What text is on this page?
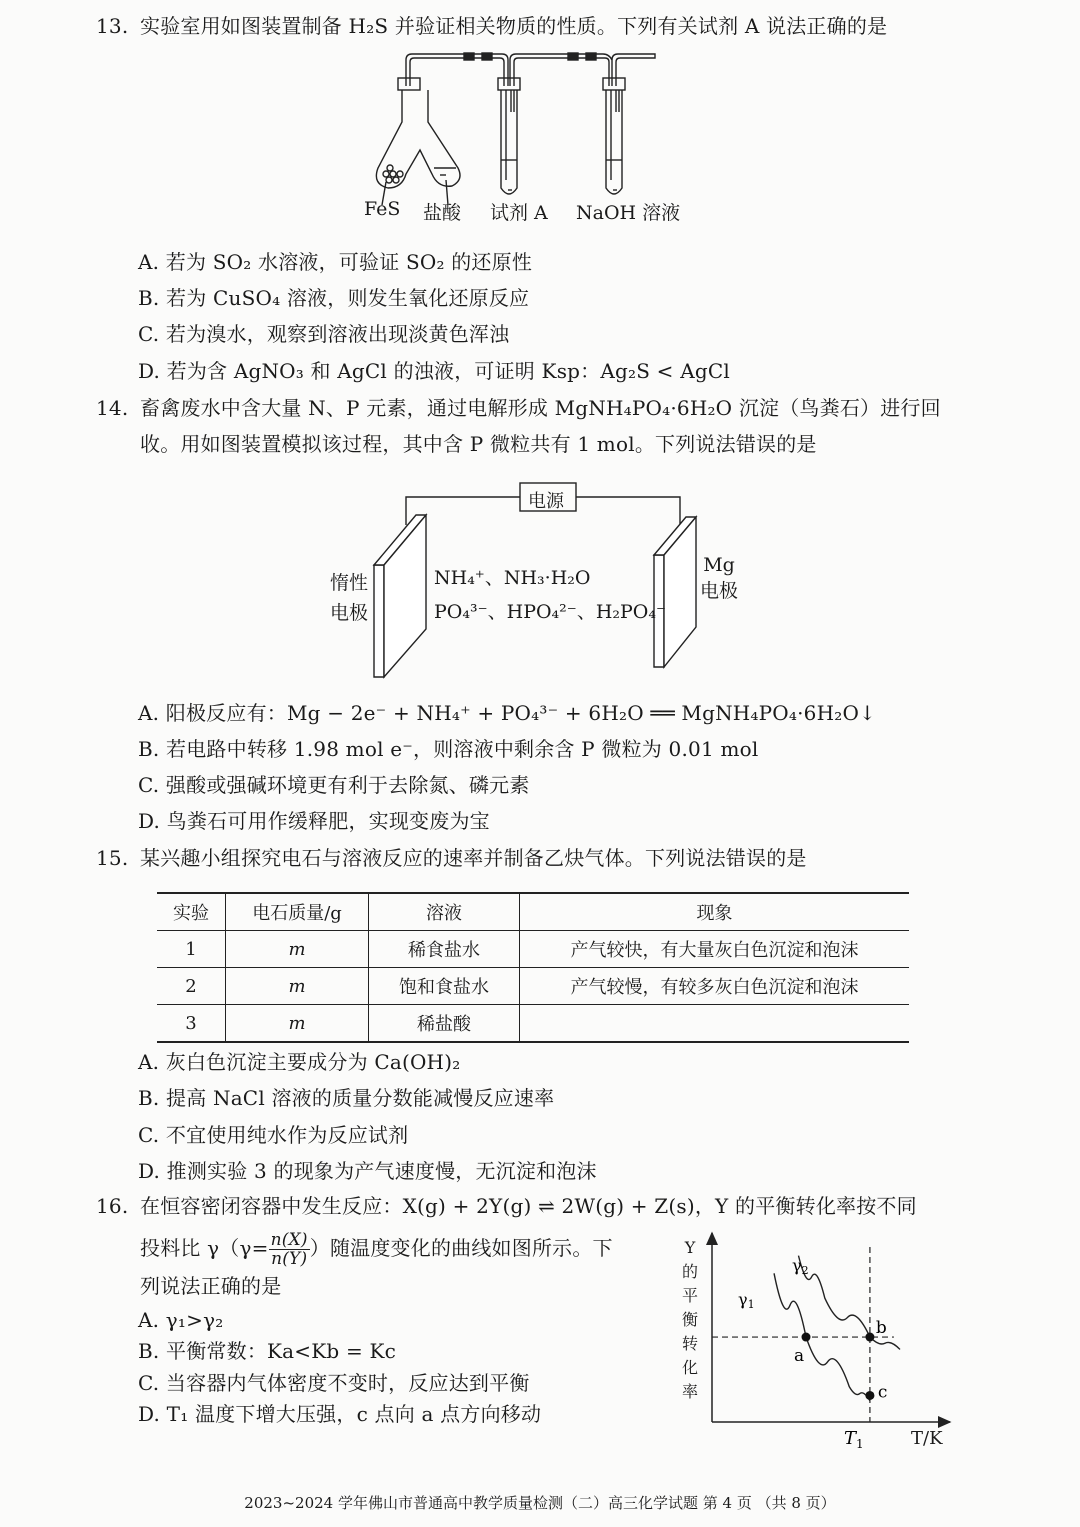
13. 实验室用如图装置制备 H₂S 并验证相关物质的性质。下列有关试剂 A 说法正确的是
FeS 盐酸 试剂 A NaOH 溶液
A. 若为 SO₂ 水溶液，可验证 SO₂ 的还原性
B. 若为 CuSO₄ 溶液，则发生氧化还原反应
C. 若为溴水，观察到溶液出现淡黄色浑浊
D. 若为含 AgNO₃ 和 AgCl 的浊液，可证明 Ksp：Ag₂S < AgCl
14. 畜禽废水中含大量 N、P 元素，通过电解形成 MgNH₄PO₄·6H₂O 沉淀（鸟粪石）进行回
收。用如图装置模拟该过程，其中含 P 微粒共有 1 mol。下列说法错误的是
电源
惰性
电极
Mg
电极
NH₄⁺、NH₃·H₂O
PO₄³⁻、HPO₄²⁻、H₂PO₄⁻
A. 阳极反应有：Mg − 2e⁻ + NH₄⁺ + PO₄³⁻ + 6H₂O ══ MgNH₄PO₄·6H₂O↓
B. 若电路中转移 1.98 mol e⁻，则溶液中剩余含 P 微粒为 0.01 mol
C. 强酸或强碱环境更有利于去除氮、磷元素
D. 鸟粪石可用作缓释肥，实现变废为宝
15. 某兴趣小组探究电石与溶液反应的速率并制备乙炔气体。下列说法错误的是
实验	电石质量/g	溶液	现象
1	m	稀食盐水	产气较快，有大量灰白色沉淀和泡沫
2	m	饱和食盐水	产气较慢，有较多灰白色沉淀和泡沫
3	m	稀盐酸	
A. 灰白色沉淀主要成分为 Ca(OH)₂
B. 提高 NaCl 溶液的质量分数能减慢反应速率
C. 不宜使用纯水作为反应试剂
D. 推测实验 3 的现象为产气速度慢，无沉淀和泡沫
16. 在恒容密闭容器中发生反应：X(g) + 2Y(g) ⇌ 2W(g) + Z(s)，Y 的平衡转化率按不同
投料比 $\gamma(\gamma= \frac{n(X)}{n(Y)}$ ）随温度变化的曲线如图所示。下
列说法正确的是
A. γ₁>γ₂
B. 平衡常数：Ka<Kb = Kc
C. 当容器内气体密度不变时，反应达到平衡
D. T₁ 温度下增大压强，c 点向 a 点方向移动
$T_1$
γ1
γ2
a
b
c
Y的平衡转化率
T/K
2023~2024 学年佛山市普通高中教学质量检测（二）高三化学试题 第 4 页 （共 8 页）
